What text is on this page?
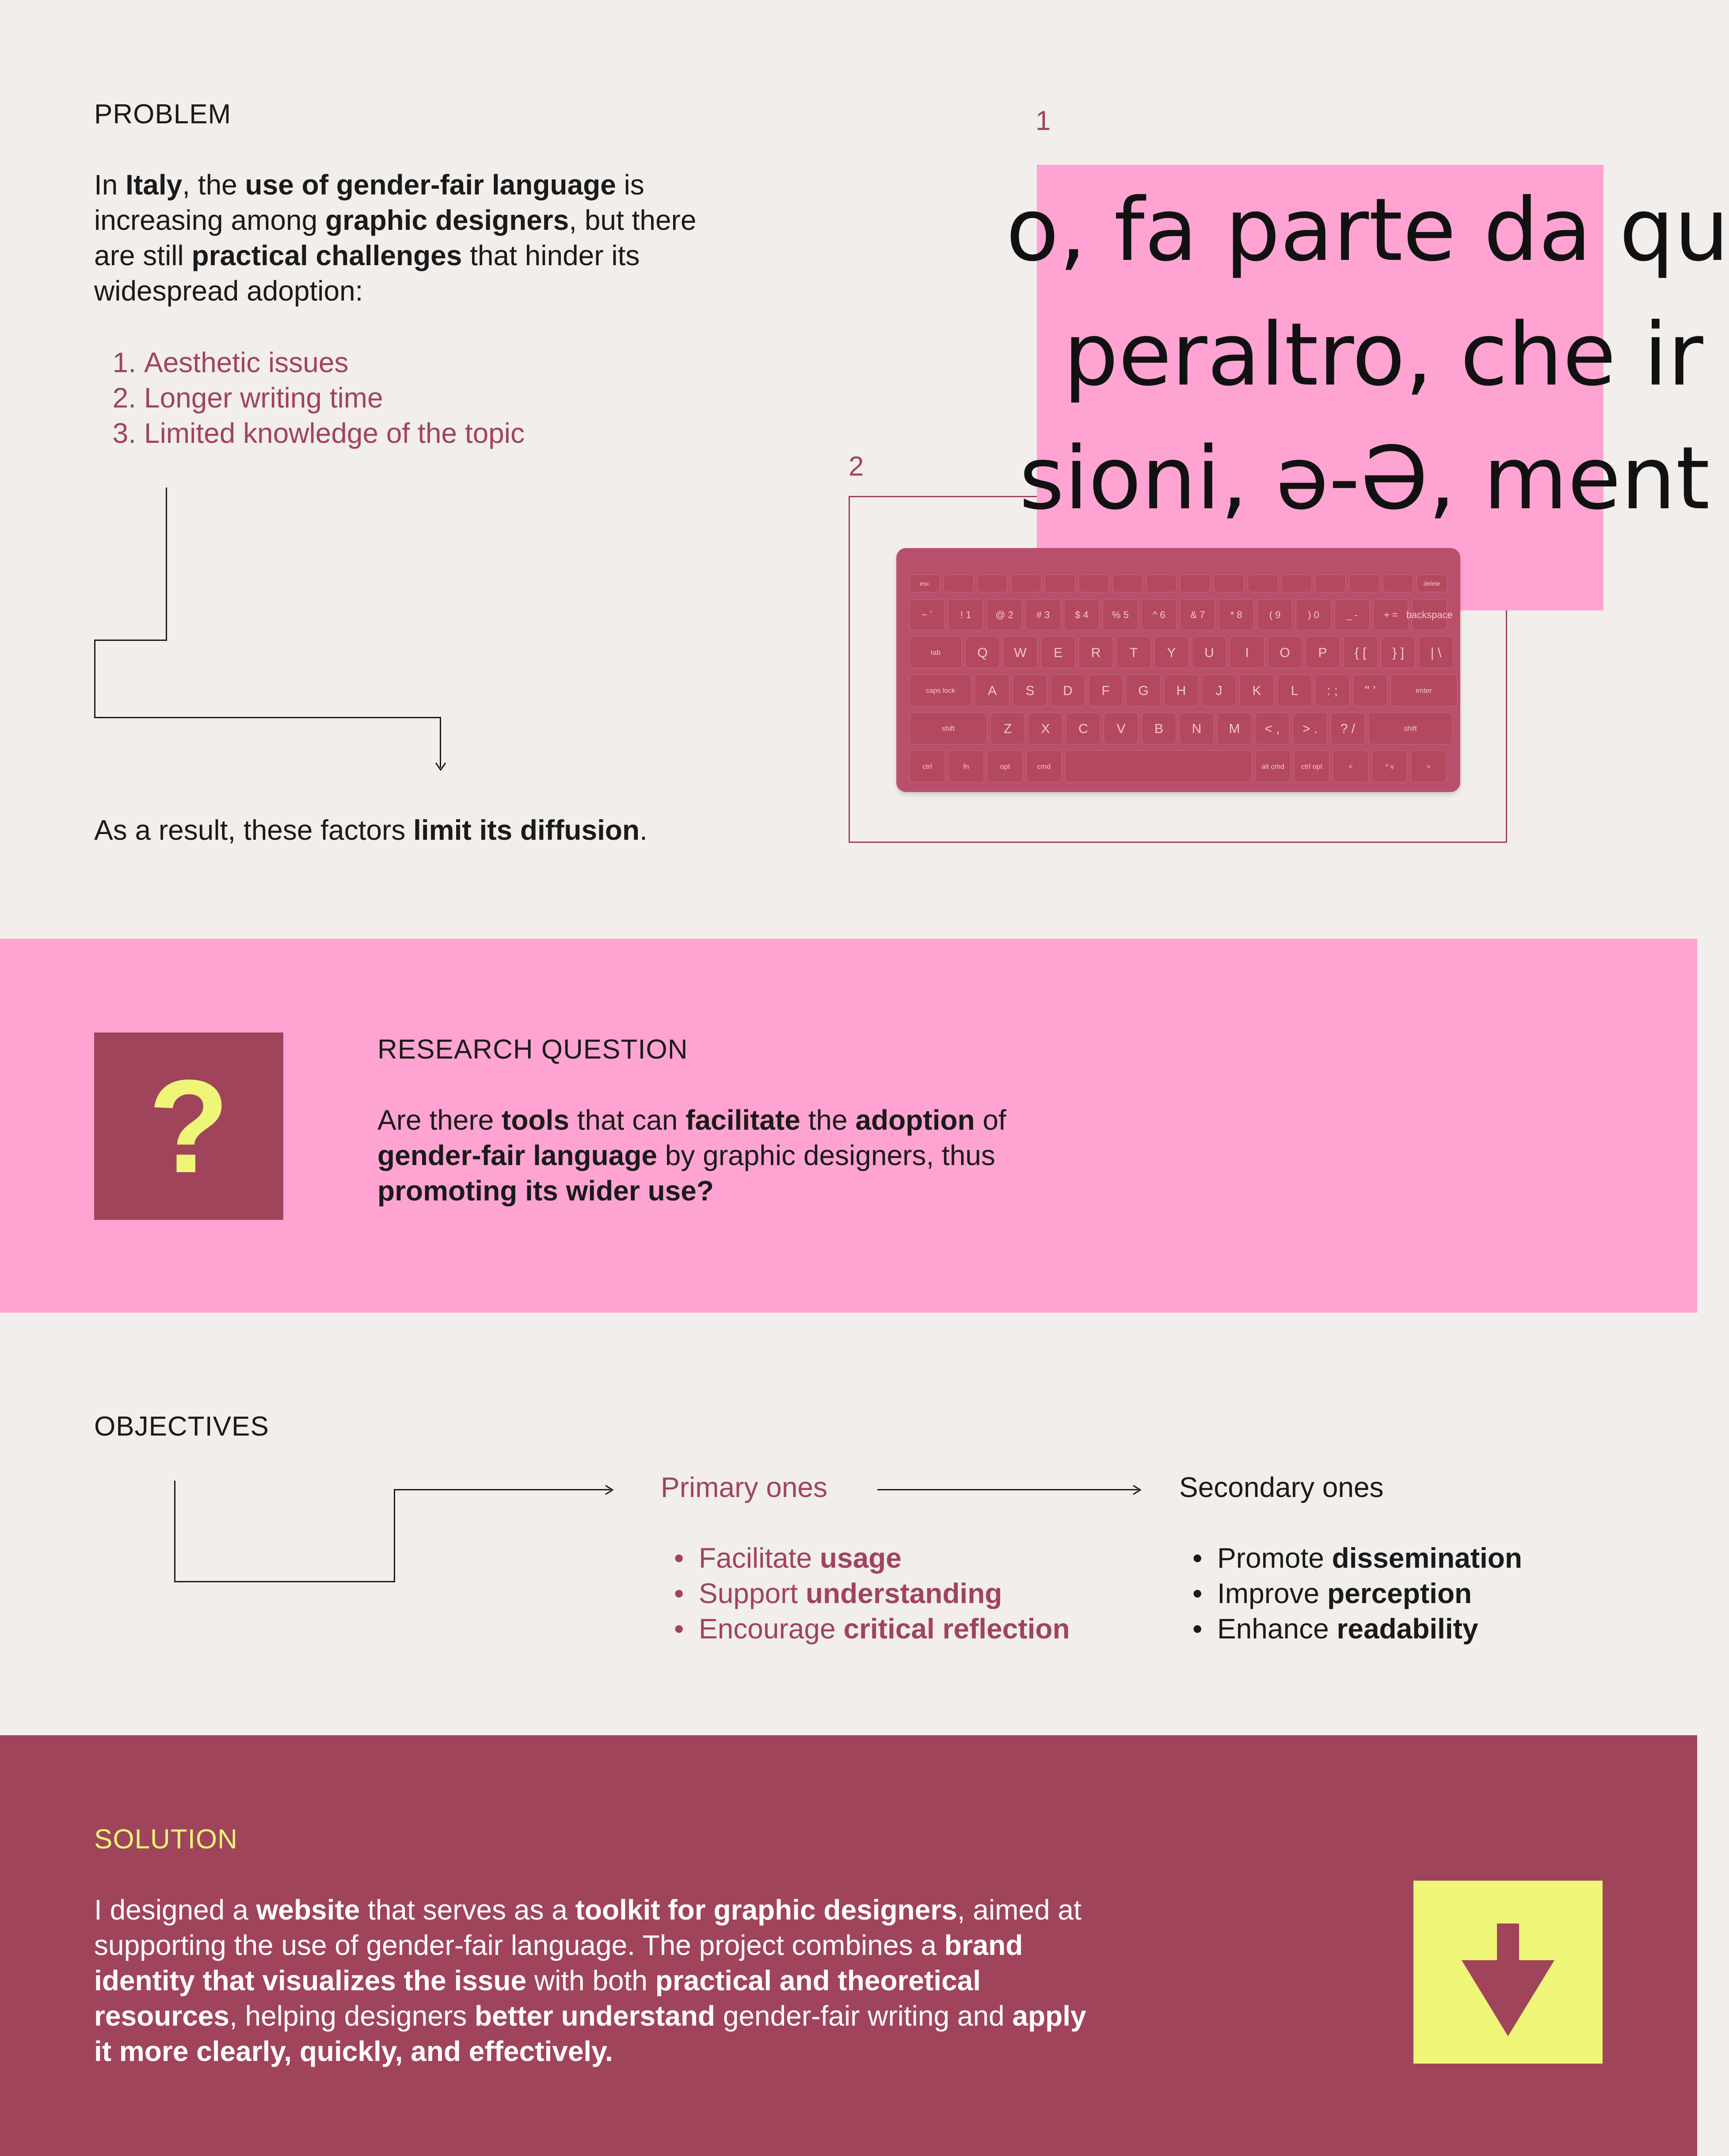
PROBLEM
In Italy, the use of gender-fair language is increasing among graphic designers, but there are still practical challenges that hinder its widespread adoption:
1. Aesthetic issues
2. Longer writing time
3. Limited knowledge of the topic
As a result, these factors limit its diffusion.
1
2
o, fa parte da qu
peraltro, che ir
sioni, ə-Ə, ment
esc	delete
~ `	! 1 @ 2 # 3	$ 4 % 5 ^ 6	& 7	* 8	( 9	) 0	_ -	+ = backspace
tab	Q W E R T Y U I O P { [ } ] | \
caps lock A S D F G H J K L : ; " '	enter
shift	Z X C V B N M < , > . ? /	shift
ctrl	fn	opt	cmd	alt cmd ctrl opt	<	^ v	>
?
RESEARCH QUESTION
Are there tools that can facilitate the adoption of gender-fair language by graphic designers, thus promoting its wider use?
OBJECTIVES
Primary ones	Secondary ones
• Facilitate usage
• Support understanding
• Encourage critical reflection
• Promote dissemination
• Improve perception
• Enhance readability
SOLUTION
I designed a website that serves as a toolkit for graphic designers, aimed at supporting the use of gender-fair language. The project combines a brand identity that visualizes the issue with both practical and theoretical resources, helping designers better understand gender-fair writing and apply it more clearly, quickly, and effectively.
